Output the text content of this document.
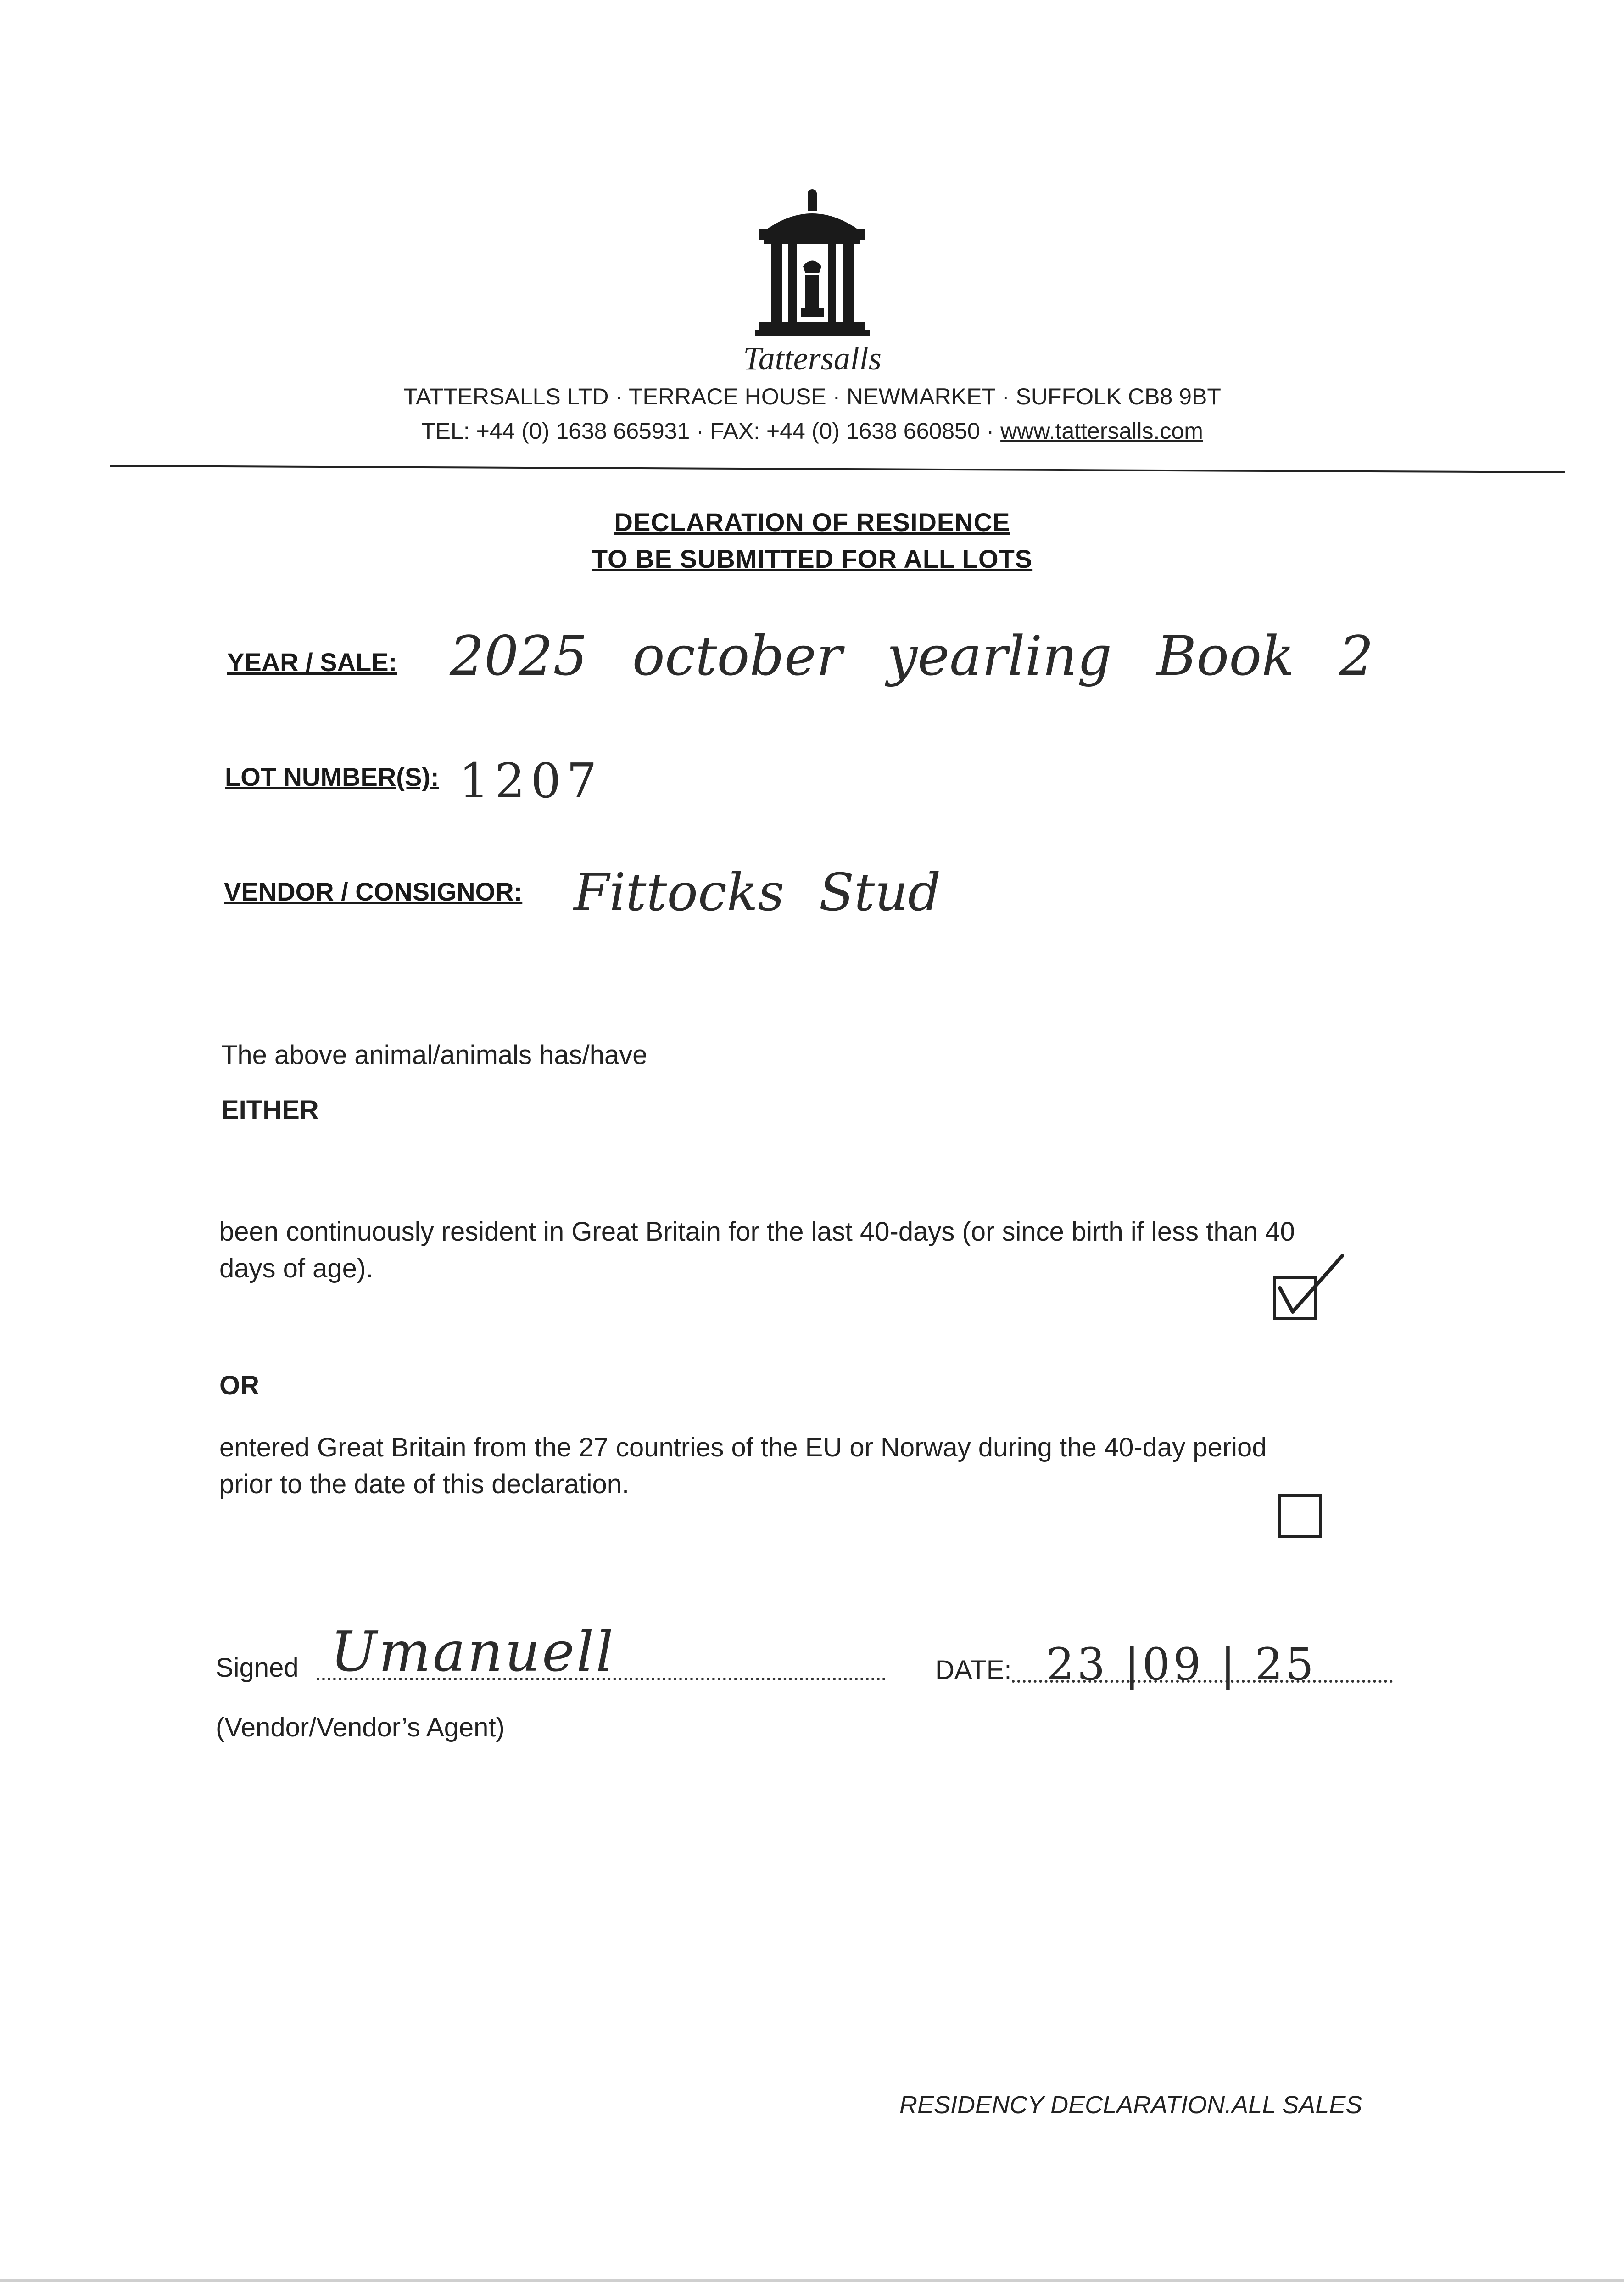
Tattersalls
TATTERSALLS LTD · TERRACE HOUSE · NEWMARKET · SUFFOLK CB8 9BT
TEL: +44 (0) 1638 665931 · FAX: +44 (0) 1638 660850 · www.tattersalls.com
DECLARATION OF RESIDENCE
TO BE SUBMITTED FOR ALL LOTS
YEAR / SALE: 2025 october yearling Book 2
LOT NUMBER(S): 1207
VENDOR / CONSIGNOR: Fittocks Stud
The above animal/animals has/have
EITHER
been continuously resident in Great Britain for the last 40-days (or since birth if less than 40
days of age).
OR
entered Great Britain from the 27 countries of the EU or Norway during the 40-day period
prior to the date of this declaration.
Signed Umanuell	DATE: 23 |09 | 25
(Vendor/Vendor’s Agent)
RESIDENCY DECLARATION.ALL SALES
